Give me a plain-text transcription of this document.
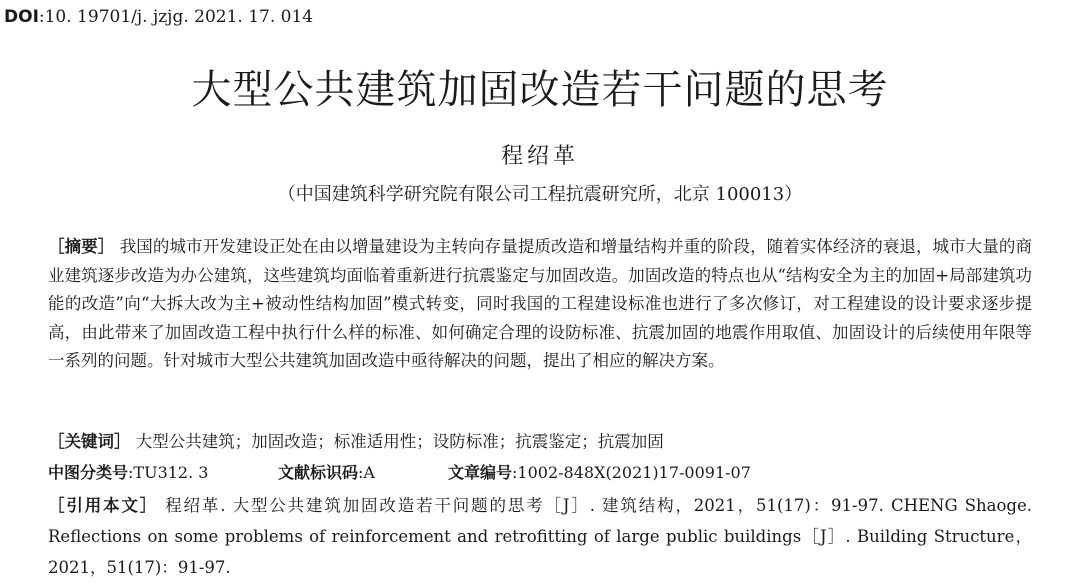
DOI:10. 19701/j. jzjg. 2021. 17. 014
大型公共建筑加固改造若干问题的思考
程绍革
（中国建筑科学研究院有限公司工程抗震研究所，北京 100013）
［摘要］ 我国的城市开发建设正处在由以增量建设为主转向存量提质改造和增量结构并重的阶段，随着实体经济的衰退，城市大量的商业建筑逐步改造为办公建筑，这些建筑均面临着重新进行抗震鉴定与加固改造。加固改造的特点也从“结构安全为主的加固+局部建筑功能的改造”向“大拆大改为主+被动性结构加固”模式转变，同时我国的工程建设标准也进行了多次修订，对工程建设的设计要求逐步提高，由此带来了加固改造工程中执行什么样的标准、如何确定合理的设防标准、抗震加固的地震作用取值、加固设计的后续使用年限等一系列的问题。针对城市大型公共建筑加固改造中亟待解决的问题，提出了相应的解决方案。
［关键词］ 大型公共建筑；加固改造；标准适用性；设防标准；抗震鉴定；抗震加固
中图分类号:TU312. 3	文献标识码:A	文章编号:1002-848X(2021)17-0091-07
［引用本文］ 程绍革. 大型公共建筑加固改造若干问题的思考［J］. 建筑结构，2021，51(17)：91-97. CHENG Shaoge. Reflections on some problems of reinforcement and retrofitting of large public buildings［J］. Building Structure，2021，51(17)：91-97.
